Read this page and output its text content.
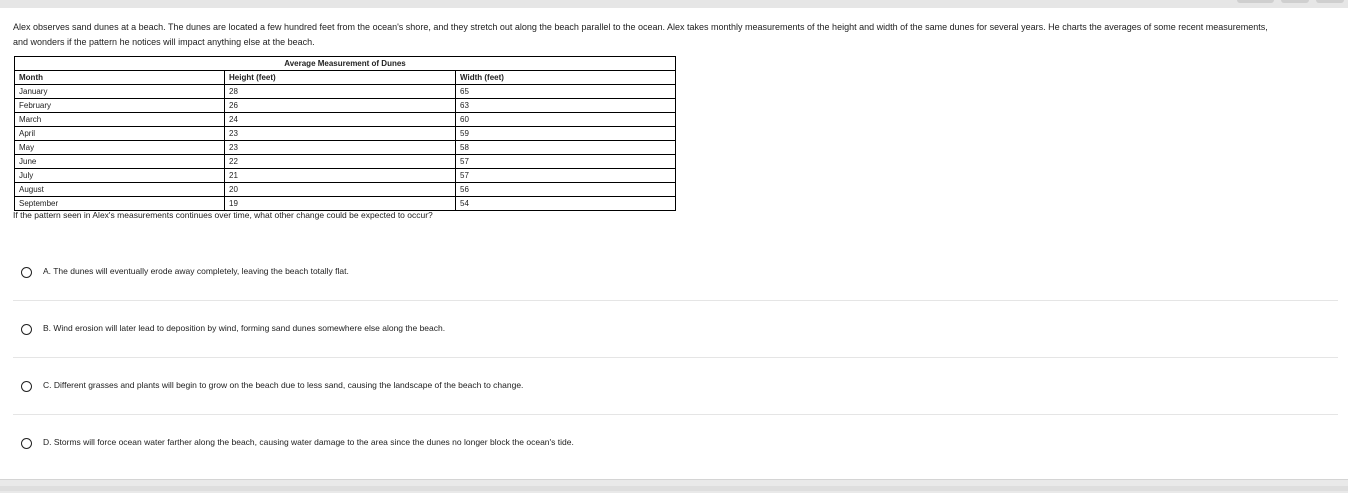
Alex observes sand dunes at a beach. The dunes are located a few hundred feet from the ocean's shore, and they stretch out along the beach parallel to the ocean. Alex takes monthly measurements of the height and width of the same dunes for several years. He charts the averages of some recent measurements,
and wonders if the pattern he notices will impact anything else at the beach.
Average Measurement of Dunes		
Month	Height (feet)	Width (feet)
January	28	65
February	26	63
March	24	60
April	23	59
May	23	58
June	22	57
July	21	57
August	20	56
September	19	54
If the pattern seen in Alex's measurements continues over time, what other change could be expected to occur?
A. The dunes will eventually erode away completely, leaving the beach totally flat.
B. Wind erosion will later lead to deposition by wind, forming sand dunes somewhere else along the beach.
C. Different grasses and plants will begin to grow on the beach due to less sand, causing the landscape of the beach to change.
D. Storms will force ocean water farther along the beach, causing water damage to the area since the dunes no longer block the ocean's tide.
